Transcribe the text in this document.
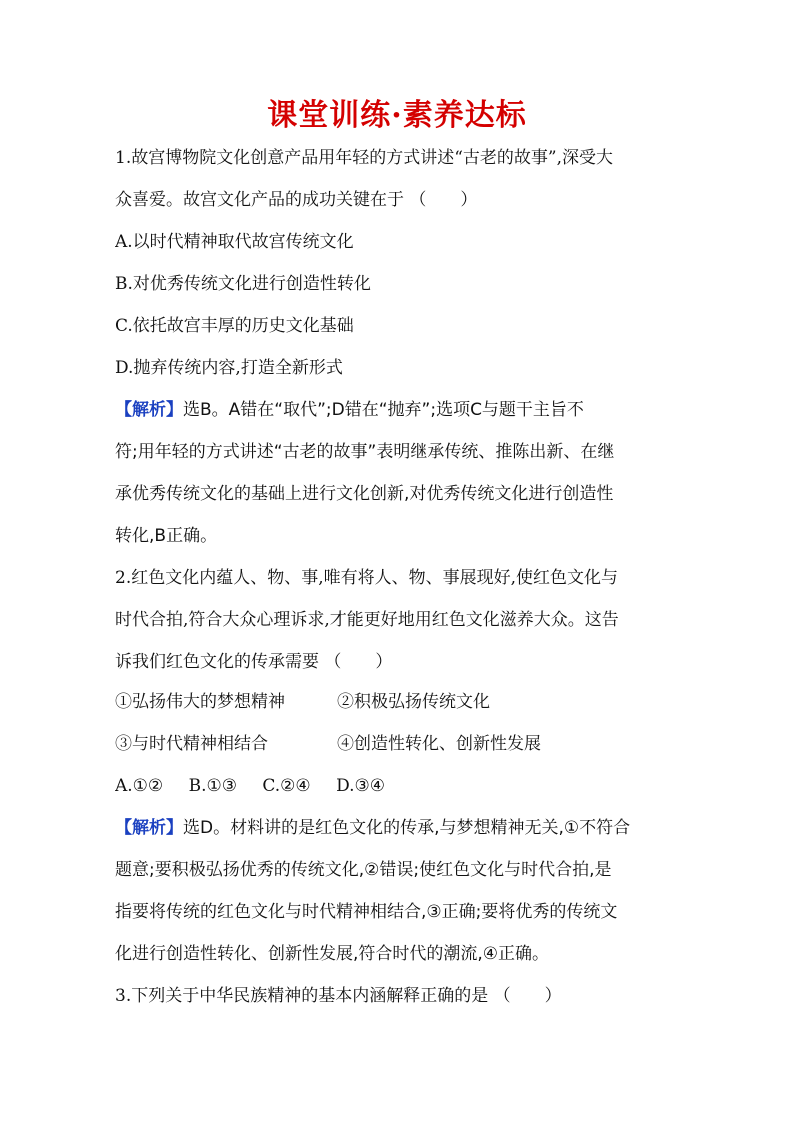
课堂训练·素养达标
1.故宫博物院文化创意产品用年轻的方式讲述“古老的故事”,深受大
众喜爱。故宫文化产品的成功关键在于 （　　）
A.以时代精神取代故宫传统文化
B.对优秀传统文化进行创造性转化
C.依托故宫丰厚的历史文化基础
D.抛弃传统内容,打造全新形式
【解析】选B。A错在“取代”;D错在“抛弃”;选项C与题干主旨不
符;用年轻的方式讲述“古老的故事”表明继承传统、推陈出新、在继
承优秀传统文化的基础上进行文化创新,对优秀传统文化进行创造性
转化,B正确。
2.红色文化内蕴人、物、事,唯有将人、物、事展现好,使红色文化与
时代合拍,符合大众心理诉求,才能更好地用红色文化滋养大众。这告
诉我们红色文化的传承需要 （　　）
①弘扬伟大的梦想精神	②积极弘扬传统文化
③与时代精神相结合	④创造性转化、创新性发展
A.①② B.①③ C.②④ D.③④
【解析】选D。材料讲的是红色文化的传承,与梦想精神无关,①不符合
题意;要积极弘扬优秀的传统文化,②错误;使红色文化与时代合拍,是
指要将传统的红色文化与时代精神相结合,③正确;要将优秀的传统文
化进行创造性转化、创新性发展,符合时代的潮流,④正确。
3.下列关于中华民族精神的基本内涵解释正确的是 （　　）
